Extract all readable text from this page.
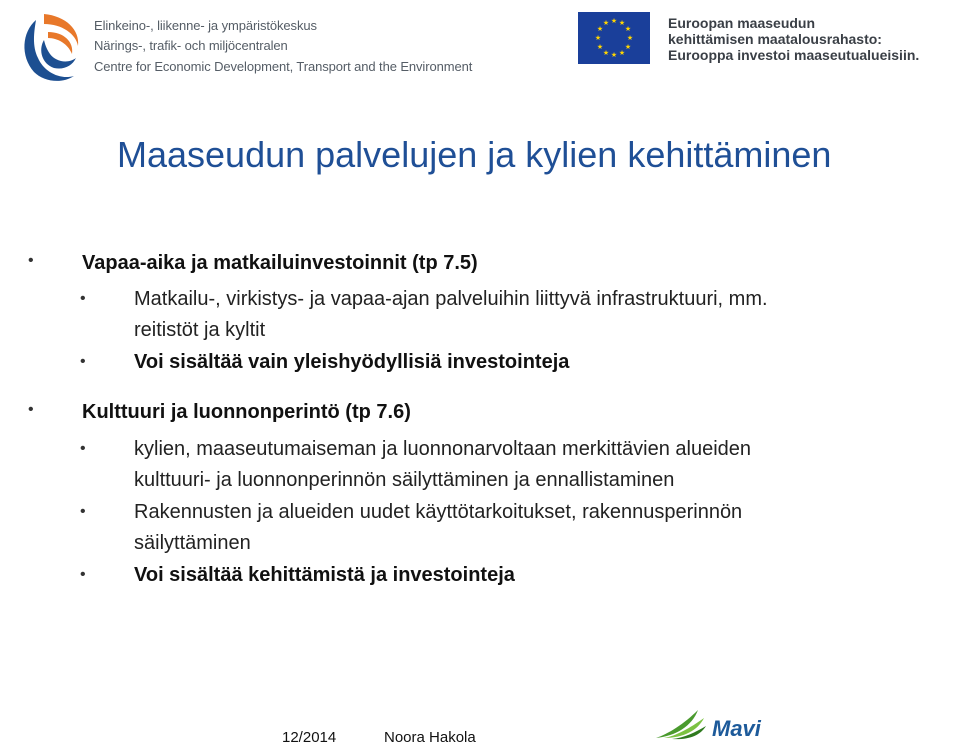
Elinkeino-, liikenne- ja ympäristökeskus
Närings-, trafik- och miljöcentralen
Centre for Economic Development, Transport and the Environment
★ ★
★
★
★
★
★
★
★
★
★
★	Euroopan maaseudun
kehittämisen maatalousrahasto:
Eurooppa investoi maaseutualueisiin.
Maaseudun palvelujen ja kylien kehittäminen
• Vapaa-aika ja matkailuinvestoinnit (tp 7.5)
• Matkailu-, virkistys- ja vapaa-ajan palveluihin liittyvä infrastruktuuri, mm.
reitistöt ja kyltit
• Voi sisältää vain yleishyödyllisiä investointeja
• Kulttuuri ja luonnonperintö (tp 7.6)
• kylien, maaseutumaiseman ja luonnonarvoltaan merkittävien alueiden
kulttuuri- ja luonnonperinnön säilyttäminen ja ennallistaminen
• Rakennusten ja alueiden uudet käyttötarkoitukset, rakennusperinnön
säilyttäminen
• Voi sisältää kehittämistä ja investointeja
12/2014	Noora Hakola	Mavi
